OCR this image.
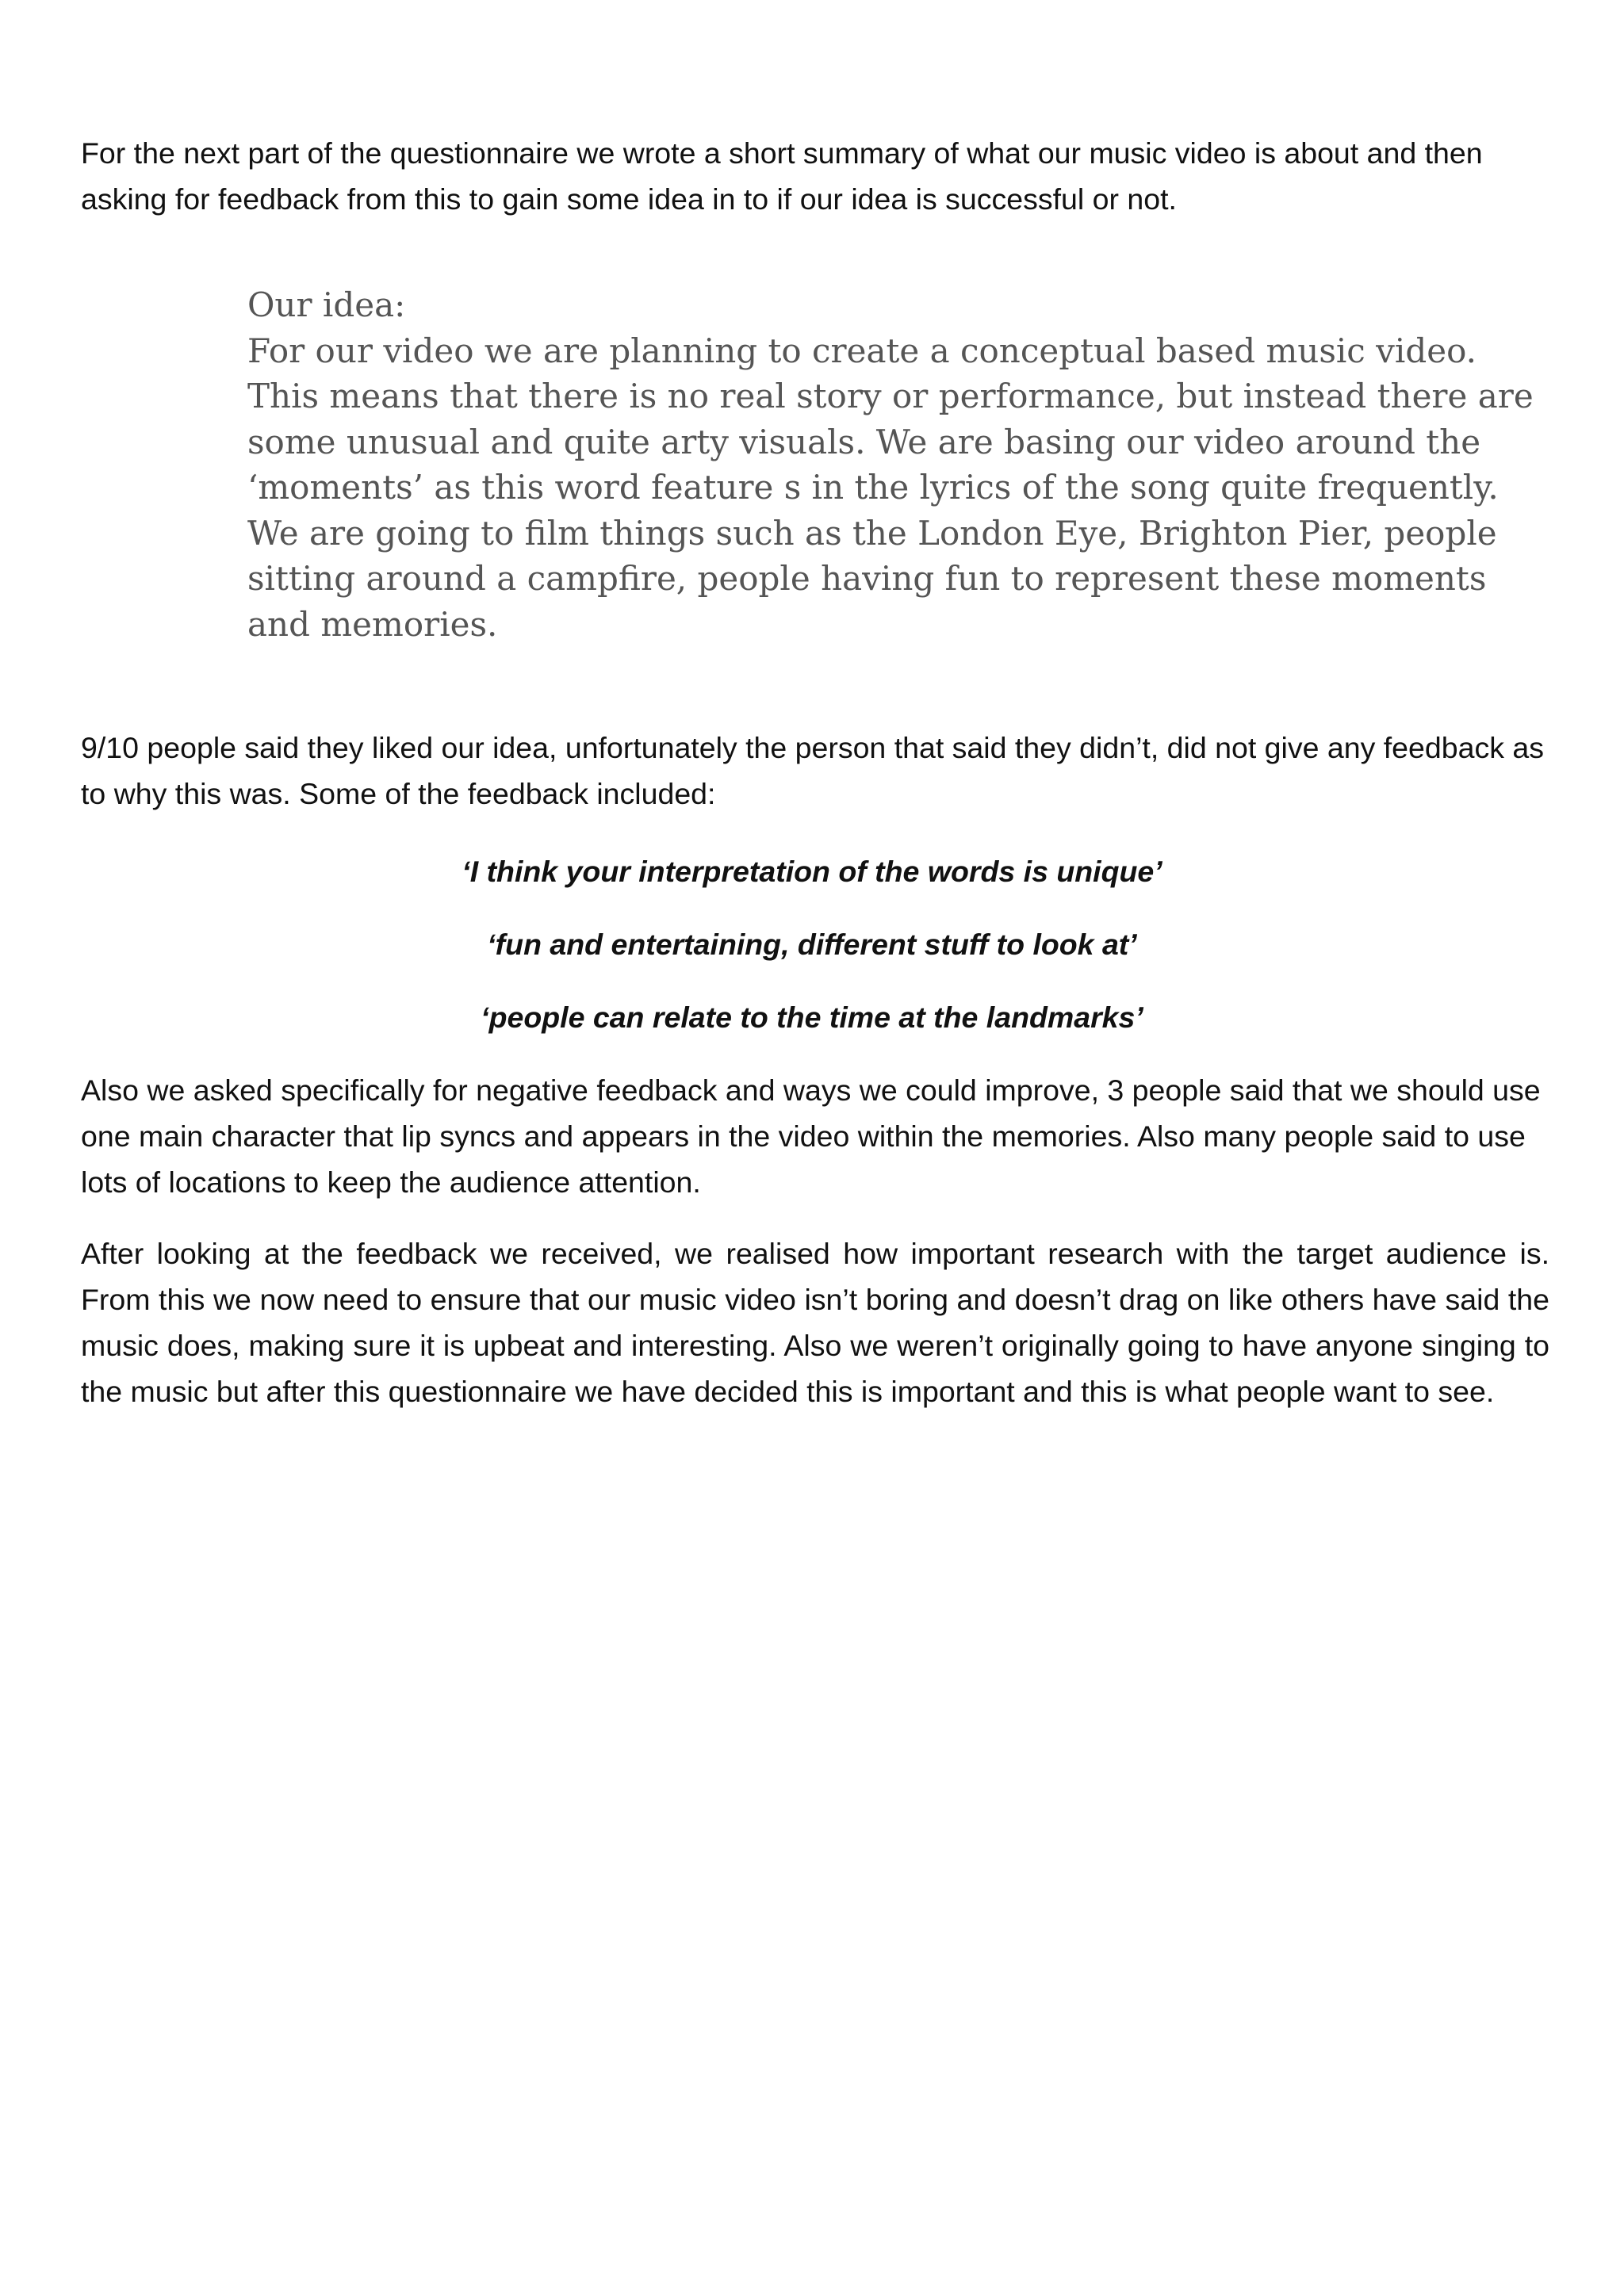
For the next part of the questionnaire we wrote a short summary of what our music video is about and then asking for feedback from this to gain some idea in to if our idea is successful or not.

Our idea:
For our video we are planning to create a conceptual based music video.
This means that there is no real story or performance, but instead there are
some unusual and quite arty visuals. We are basing our video around the
‘moments’ as this word feature s in the lyrics of the song quite frequently.
We are going to film things such as the London Eye, Brighton Pier, people
sitting around a campfire, people having fun to represent these moments
and memories.

9/10 people said they liked our idea, unfortunately the person that said they didn’t, did not give any feedback as to why this was. Some of the feedback included:

‘I think your interpretation of the words is unique’

‘fun and entertaining, different stuff to look at’

‘people can relate to the time at the landmarks’

Also we asked specifically for negative feedback and ways we could improve, 3 people said that we should use one main character that lip syncs and appears in the video within the memories. Also many people said to use lots of locations to keep the audience attention.

After looking at the feedback we received, we realised how important research with the target audience is. From this we now need to ensure that our music video isn’t boring and doesn’t drag on like others have said the music does, making sure it is upbeat and interesting. Also we weren’t originally going to have anyone singing to the music but after this questionnaire we have decided this is important and this is what people want to see.
